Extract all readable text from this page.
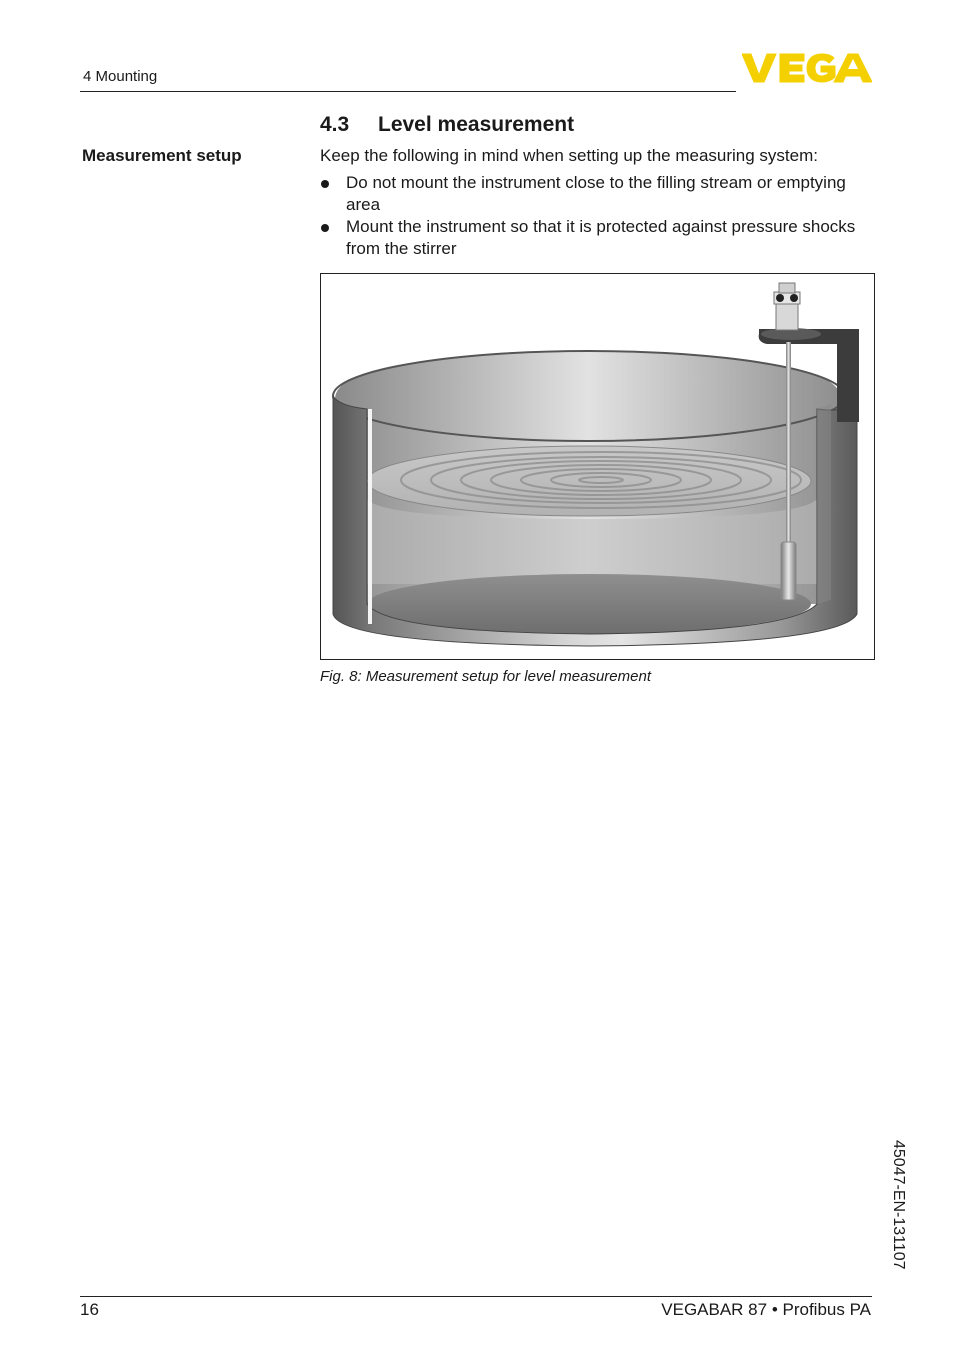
4 Mounting
4.3 Level measurement
Measurement setup	Keep the following in mind when setting up the measuring system:
Do not mount the instrument close to the filling stream or emptying area
Mount the instrument so that it is protected against pressure shocks from the stirrer
Fig. 8: Measurement setup for level measurement
45047-EN-131107
16	VEGABAR 87 • Profibus PA
